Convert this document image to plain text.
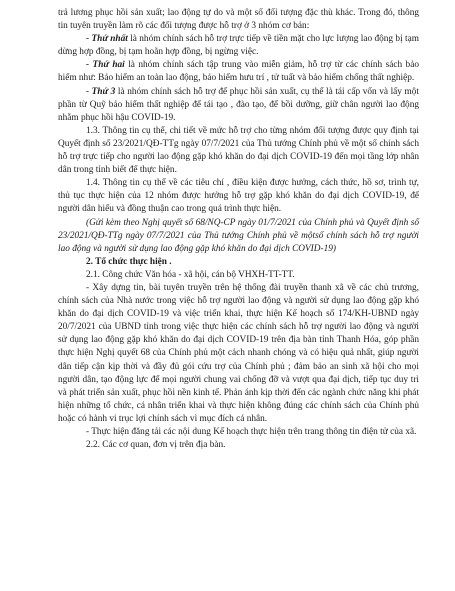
trả lương phục hồi sản xuất; lao động tự do và một số đối tượng đặc thù khác. Trong đó, thông tin tuyên truyền làm rõ các đối tượng được hỗ trợ ở 3 nhóm cơ bản:

- Thứ nhất là nhóm chính sách hỗ trợ trực tiếp về tiền mặt cho lực lượng lao động bị tạm dừng hợp đồng, bị tạm hoãn hợp đồng, bị ngừng việc.

- Thứ hai là nhóm chính sách tập trung vào miễn giảm, hỗ trợ từ các chính sách bảo hiểm như: Bảo hiểm an toàn lao động, bảo hiểm hưu trí , tử tuất và bảo hiểm chống thất nghiệp.

- Thứ 3 là nhóm chính sách hỗ trợ để phục hồi sản xuất, cụ thể là tái cấp vốn và lấy một phần từ Quỹ bảo hiểm thất nghiệp để tái tạo , đào tạo, để bồi dưỡng, giữ chân người lao động nhằm phục hồi hậu COVID-19.

1.3. Thông tin cụ thể, chi tiết về mức hỗ trợ cho từng nhóm đối tượng được quy định tại Quyết định số 23/2021/QĐ-TTg ngày 07/7/2021 của Thủ tướng Chính phủ về một số chính sách hỗ trợ trực tiếp cho người lao động gặp khó khăn do đại dịch COVID-19 đến mọi tầng lớp nhân dân trong tỉnh biết để thực hiện.

1.4. Thông tin cụ thể về các tiêu chí , điều kiện được hưởng, cách thức, hồ sơ, trình tự, thủ tục thực hiện của 12 nhóm được hưởng hỗ trợ gặp khó khăn do đại dịch COVID-19, để người dân hiểu và đồng thuận cao trong quá trình thực hiện.

(Gửi kèm theo Nghị quyết số 68/NQ-CP ngày 01/7/2021 của Chính phủ và Quyết định số 23/2021/QĐ-TTg ngày 07/7/2021 của Thủ tướng Chính phủ về mộtsố chính sách hỗ trợ người lao động và người sử dụng lao động gặp khó khăn do đại dịch COVID-19)

2. Tổ chức thực hiện .

2.1. Công chức Văn hóa - xã hội, cán bộ VHXH-TT-TT.

- Xây dựng tin, bài tuyên truyền trên hệ thống đài truyền thanh xã về các chủ trương, chính sách của Nhà nước trong việc hỗ trợ người lao động và người sử dụng lao động gặp khó khăn do đại dịch COVID-19 và việc triển khai, thực hiện Kế hoạch số 174/KH-UBND ngày 20/7/2021 của UBND tỉnh trong việc thực hiện các chính sách hỗ trợ người lao động và người sử dụng lao động gặp khó khăn do đại dịch COVID-19 trên địa bàn tỉnh Thanh Hóa, góp phần thực hiện Nghị quyết 68 của Chính phủ một cách nhanh chóng và có hiệu quả nhất, giúp người dân tiếp cận kịp thời và đầy đủ gói cứu trợ của Chính phủ ; đảm bảo an sinh xã hội cho mọi người dân, tạo động lực để mọi người chung vai chống đỡ và vượt qua đại dịch, tiếp tục duy trì và phát triển sản xuất, phục hồi nền kinh tế. Phản ánh kịp thời đến các ngành chức năng khi phát hiện những tổ chức, cá nhân triển khai và thực hiện không đúng các chính sách của Chính phủ hoặc có hành vi trục lợi chính sách vì mục đích cá nhân.

- Thực hiện đăng tải các nội dung Kế hoạch thực hiện trên trang thông tin điện tử của xã.

2.2. Các cơ quan, đơn vị trên địa bàn.
